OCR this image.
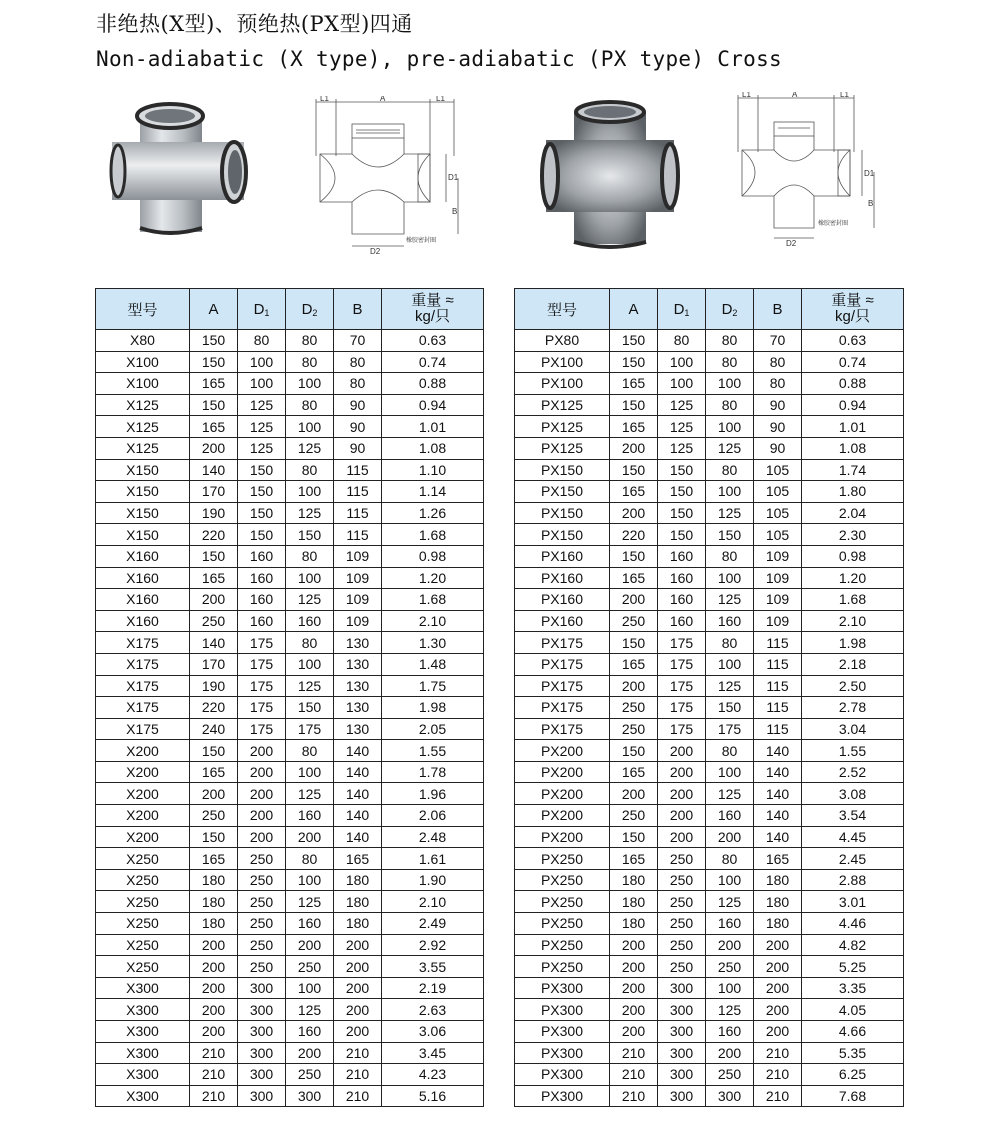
非绝热(X型)、预绝热(PX型)四通
Non-adiabatic (X type), pre-adiabatic (PX type) Cross
L1	A	L1
D1
B
D2
橡胶密封圈
L1	A	L1
D1
B
D2
橡胶密封圈
型号	A	$D_1$	$D_2$	B	重量 ≈
kg/只

X80	150	80	80	70	0.63
X100	150	100	80	80	0.74
X100	165	100	100	80	0.88
X125	150	125	80	90	0.94
X125	165	125	100	90	1.01
X125	200	125	125	90	1.08
X150	140	150	80	115	1.10
X150	170	150	100	115	1.14
X150	190	150	125	115	1.26
X150	220	150	150	115	1.68
X160	150	160	80	109	0.98
X160	165	160	100	109	1.20
X160	200	160	125	109	1.68
X160	250	160	160	109	2.10
X175	140	175	80	130	1.30
X175	170	175	100	130	1.48
X175	190	175	125	130	1.75
X175	220	175	150	130	1.98
X175	240	175	175	130	2.05
X200	150	200	80	140	1.55
X200	165	200	100	140	1.78
X200	200	200	125	140	1.96
X200	250	200	160	140	2.06
X200	150	200	200	140	2.48
X250	165	250	80	165	1.61
X250	180	250	100	180	1.90
X250	180	250	125	180	2.10
X250	180	250	160	180	2.49
X250	200	250	200	200	2.92
X250	200	250	250	200	3.55
X300	200	300	100	200	2.19
X300	200	300	125	200	2.63
X300	200	300	160	200	3.06
X300	210	300	200	210	3.45
X300	210	300	250	210	4.23
X300	210	300	300	210	5.16
型号	A	$D_1$	$D_2$	B	重量 ≈
kg/只

PX80	150	80	80	70	0.63
PX100	150	100	80	80	0.74
PX100	165	100	100	80	0.88
PX125	150	125	80	90	0.94
PX125	165	125	100	90	1.01
PX125	200	125	125	90	1.08
PX150	150	150	80	105	1.74
PX150	165	150	100	105	1.80
PX150	200	150	125	105	2.04
PX150	220	150	150	105	2.30
PX160	150	160	80	109	0.98
PX160	165	160	100	109	1.20
PX160	200	160	125	109	1.68
PX160	250	160	160	109	2.10
PX175	150	175	80	115	1.98
PX175	165	175	100	115	2.18
PX175	200	175	125	115	2.50
PX175	250	175	150	115	2.78
PX175	250	175	175	115	3.04
PX200	150	200	80	140	1.55
PX200	165	200	100	140	2.52
PX200	200	200	125	140	3.08
PX200	250	200	160	140	3.54
PX200	150	200	200	140	4.45
PX250	165	250	80	165	2.45
PX250	180	250	100	180	2.88
PX250	180	250	125	180	3.01
PX250	180	250	160	180	4.46
PX250	200	250	200	200	4.82
PX250	200	250	250	200	5.25
PX300	200	300	100	200	3.35
PX300	200	300	125	200	4.05
PX300	200	300	160	200	4.66
PX300	210	300	200	210	5.35
PX300	210	300	250	210	6.25
PX300	210	300	300	210	7.68
